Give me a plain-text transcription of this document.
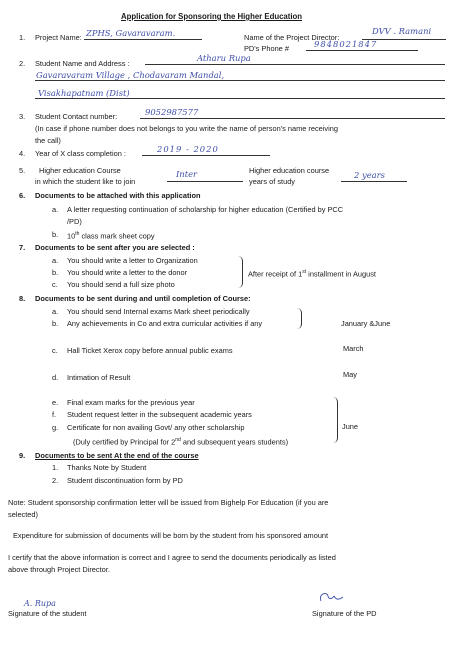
Application for Sponsoring the Higher Education
1. Project Name: ZPHS, Gavaravaram.	Name of the Project Director:
DVV . Ramani
PD's Phone #	9848021847
2. Student Name and Address :
Atharu Rupa
Gavaravaram Village , Chodavaram Mandal,
Visakhapatnam (Dist)
3. Student Contact number:	9052987577
(In case if phone number does not belongs to you write the name of person's name receiving
the call)
4. Year of X class completion :	2019 - 2020
5. Higher education Course
in which the student like to join
Inter	Higher education course
years of study
2 years
6. Documents to be attached with this application
a. A letter requesting continuation of scholarship for higher education (Certified by PCC
/PD)
b. 10th class mark sheet copy
7. Documents to be sent after you are selected :
a. You should write a letter to Organization
b. You should write a letter to the donor
c. You should send a full size photo
After receipt of 1st installment in August
8. Documents to be sent during and until completion of Course:
a. You should send Internal exams Mark sheet periodically
b. Any achievements in Co and extra curricular activities if any	January &June
c. Hall Ticket Xerox copy before annual public exams	March
d. Intimation of Result	May
e. Final exam marks for the previous year
f. Student request letter in the subsequent academic years
g. Certificate for non availing Govt/ any other scholarship
(Duly certified by Principal for 2nd and subsequent years students)
June
9. Documents to be sent At the end of the course
1. Thanks Note by Student
2. Student discontinuation form by PD
Note: Student sponsorship confirmation letter will be issued from Bighelp For Education (if you are
selected)
Expenditure for submission of documents will be born by the student from his sponsored amount
I certify that the above information is correct and I agree to send the documents periodically as listed
above through Project Director.
A. Rupa
Signature of the student	Signature of the PD
